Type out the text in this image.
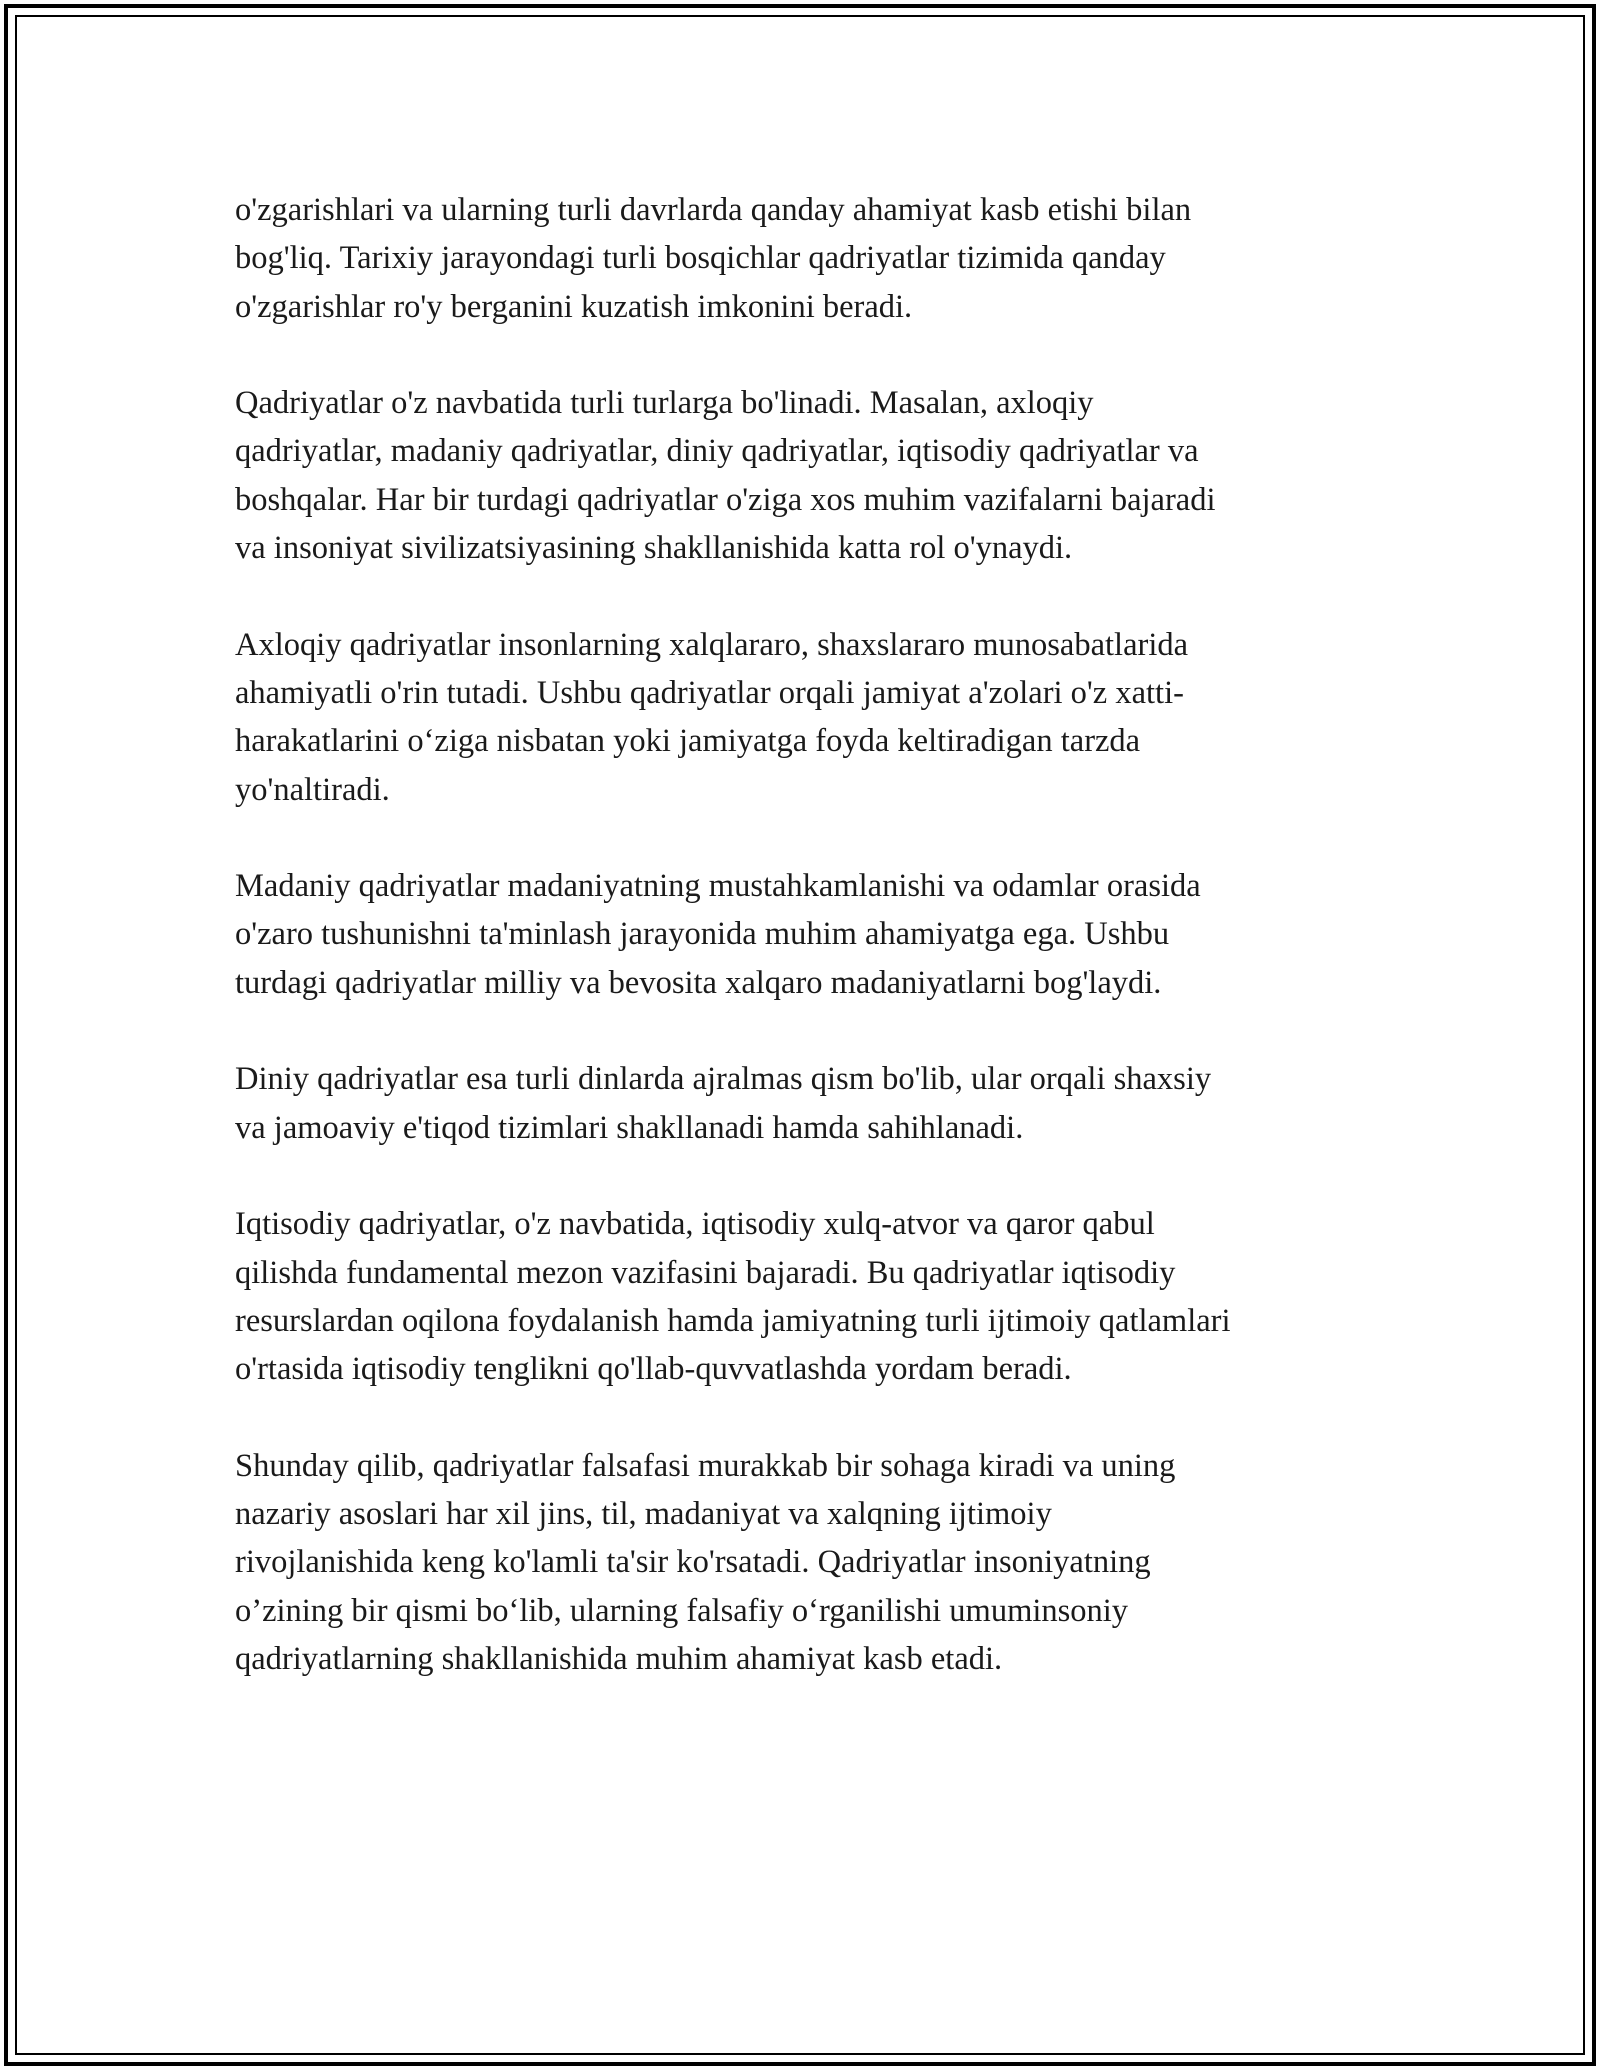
o'zgarishlari va ularning turli davrlarda qanday ahamiyat kasb etishi bilan
bog'liq. Tarixiy jarayondagi turli bosqichlar qadriyatlar tizimida qanday
o'zgarishlar ro'y berganini kuzatish imkonini beradi.

Qadriyatlar o'z navbatida turli turlarga bo'linadi. Masalan, axloqiy
qadriyatlar, madaniy qadriyatlar, diniy qadriyatlar, iqtisodiy qadriyatlar va
boshqalar. Har bir turdagi qadriyatlar o'ziga xos muhim vazifalarni bajaradi
va insoniyat sivilizatsiyasining shakllanishida katta rol o'ynaydi.

Axloqiy qadriyatlar insonlarning xalqlararo, shaxslararo munosabatlarida
ahamiyatli o'rin tutadi. Ushbu qadriyatlar orqali jamiyat a'zolari o'z xatti-
harakatlarini o‘ziga nisbatan yoki jamiyatga foyda keltiradigan tarzda
yo'naltiradi.

Madaniy qadriyatlar madaniyatning mustahkamlanishi va odamlar orasida
o'zaro tushunishni ta'minlash jarayonida muhim ahamiyatga ega. Ushbu
turdagi qadriyatlar milliy va bevosita xalqaro madaniyatlarni bog'laydi.

Diniy qadriyatlar esa turli dinlarda ajralmas qism bo'lib, ular orqali shaxsiy
va jamoaviy e'tiqod tizimlari shakllanadi hamda sahihlanadi.

Iqtisodiy qadriyatlar, o'z navbatida, iqtisodiy xulq-atvor va qaror qabul
qilishda fundamental mezon vazifasini bajaradi. Bu qadriyatlar iqtisodiy
resurslardan oqilona foydalanish hamda jamiyatning turli ijtimoiy qatlamlari
o'rtasida iqtisodiy tenglikni qo'llab-quvvatlashda yordam beradi.

Shunday qilib, qadriyatlar falsafasi murakkab bir sohaga kiradi va uning
nazariy asoslari har xil jins, til, madaniyat va xalqning ijtimoiy
rivojlanishida keng ko'lamli ta'sir ko'rsatadi. Qadriyatlar insoniyatning
o’zining bir qismi bo‘lib, ularning falsafiy o‘rganilishi umuminsoniy
qadriyatlarning shakllanishida muhim ahamiyat kasb etadi.
